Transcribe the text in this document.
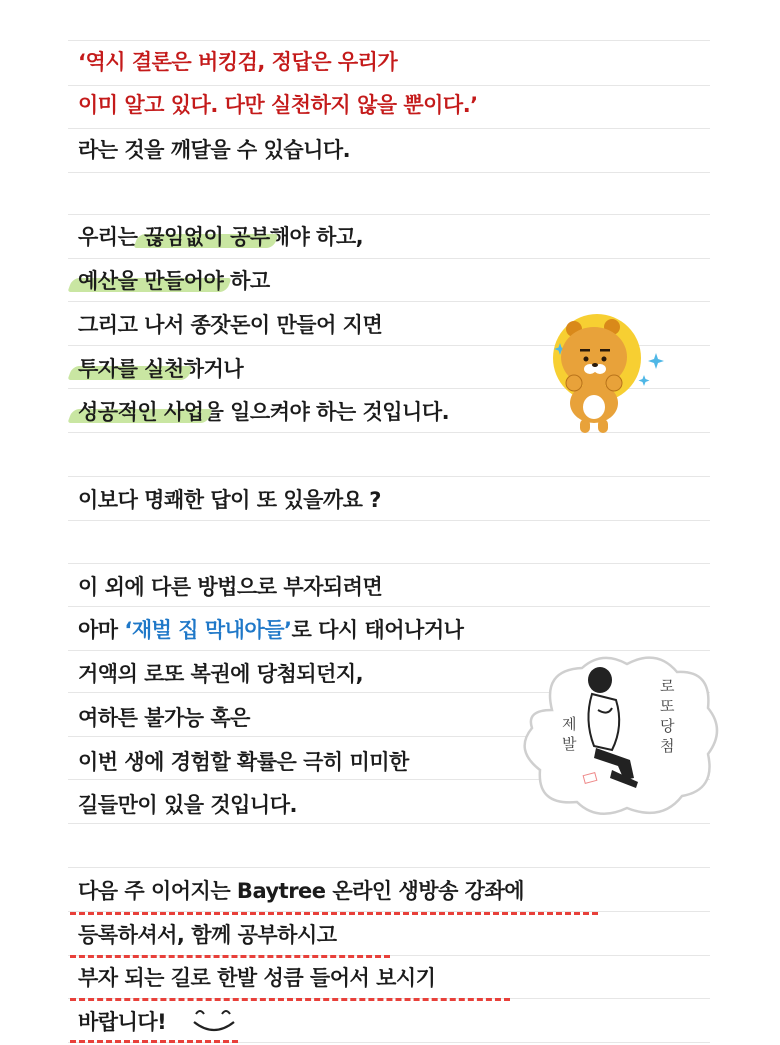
‘역시 결론은 버킹검, 정답은 우리가
이미 알고 있다. 다만 실천하지 않을 뿐이다.’
라는 것을 깨달을 수 있습니다.
우리는 끊임없이 공부해야 하고,
예산을 만들어야 하고
그리고 나서 종잣돈이 만들어 지면
투자를 실천하거나
성공적인 사업을 일으켜야 하는 것입니다.
이보다 명쾌한 답이 또 있을까요 ?
이 외에 다른 방법으로 부자되려면
아마 ‘재벌 집 막내아들’로 다시 태어나거나
거액의 로또 복권에 당첨되던지,
여하튼 불가능 혹은
이번 생에 경험할 확률은 극히 미미한
길들만이 있을 것입니다.
로또당첨
제발
다음 주 이어지는 Baytree 온라인 생방송 강좌에
등록하셔서, 함께 공부하시고
부자 되는 길로 한발 성큼 들어서 보시기
바랍니다!
